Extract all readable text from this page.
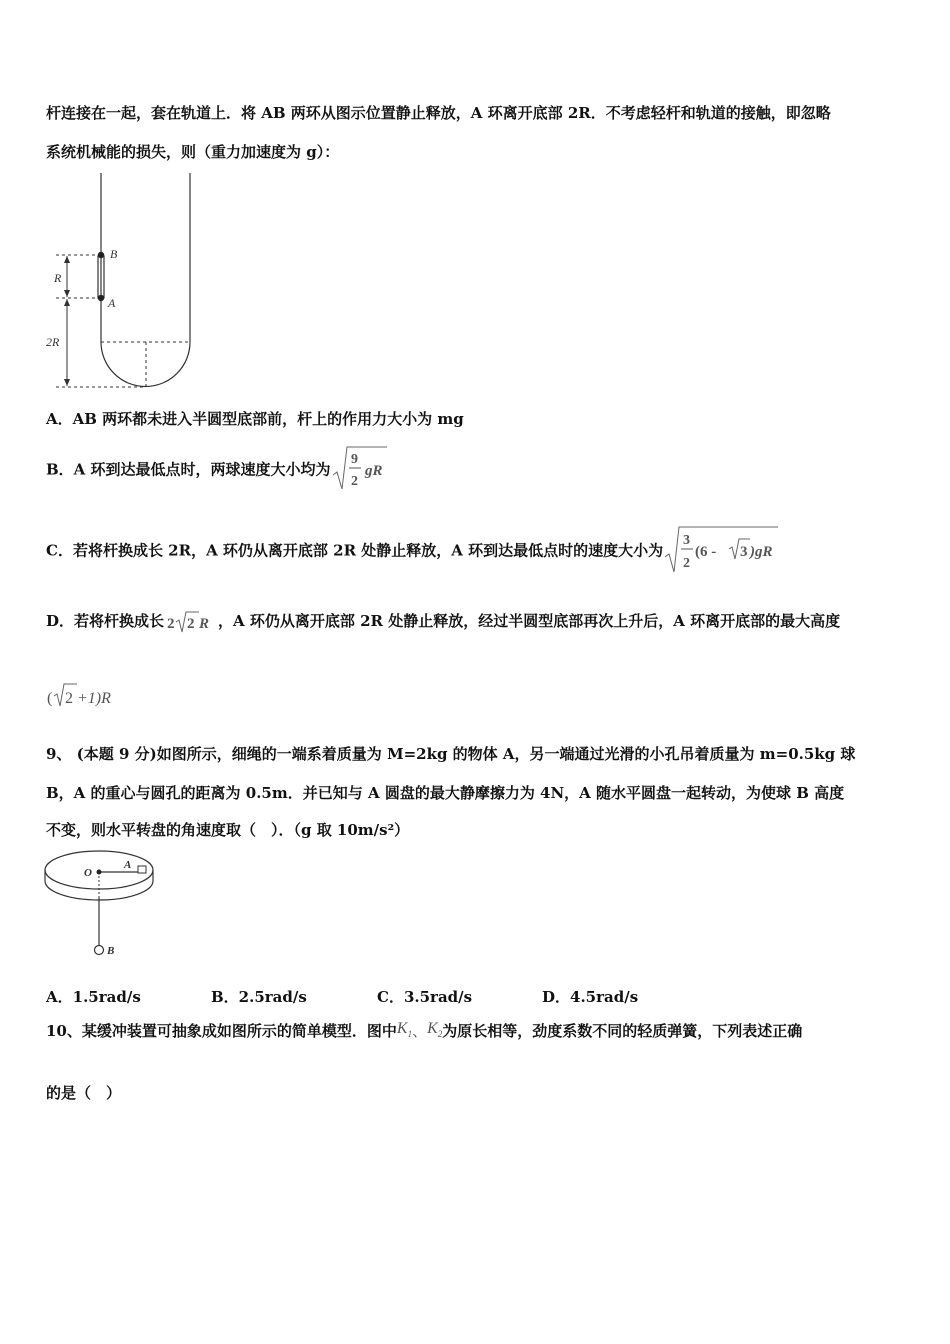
杆连接在一起，套在轨道上．将 AB 两环从图示位置静止释放，A 环离开底部 2R．不考虑轻杆和轨道的接触，即忽略
系统机械能的损失，则（重力加速度为 g）：
B
A
R
2R
A．AB 两环都未进入半圆型底部前，杆上的作用力大小为 mg
B．A 环到达最低点时，两球速度大小均为
9
2
gR
C．若将杆换成长 2R，A 环仍从离开底部 2R 处静止释放，A 环到达最低点时的速度大小为
3
2
(6 - 3 )gR
D．若将杆换成长 2 2 R ，A 环仍从离开底部 2R 处静止释放，经过半圆型底部再次上升后，A 环离开底部的最大高度
( 2 +1)R
9、 (本题 9 分)如图所示，细绳的一端系着质量为 M=2kg 的物体 A，另一端通过光滑的小孔吊着质量为 m=0.5kg 球
B，A 的重心与圆孔的距离为 0.5m．并已知与 A 圆盘的最大静摩擦力为 4N，A 随水平圆盘一起转动，为使球 B 高度
不变，则水平转盘的角速度取（　）．（g 取 10m/s²）
O
A
B
A．1.5rad/s	B．2.5rad/s	C．3.5rad/s	D．4.5rad/s
10、某缓冲装置可抽象成如图所示的简单模型．图中$K_1$、$K_2$为原长相等，劲度系数不同的轻质弹簧，下列表述正确
的是（　）
